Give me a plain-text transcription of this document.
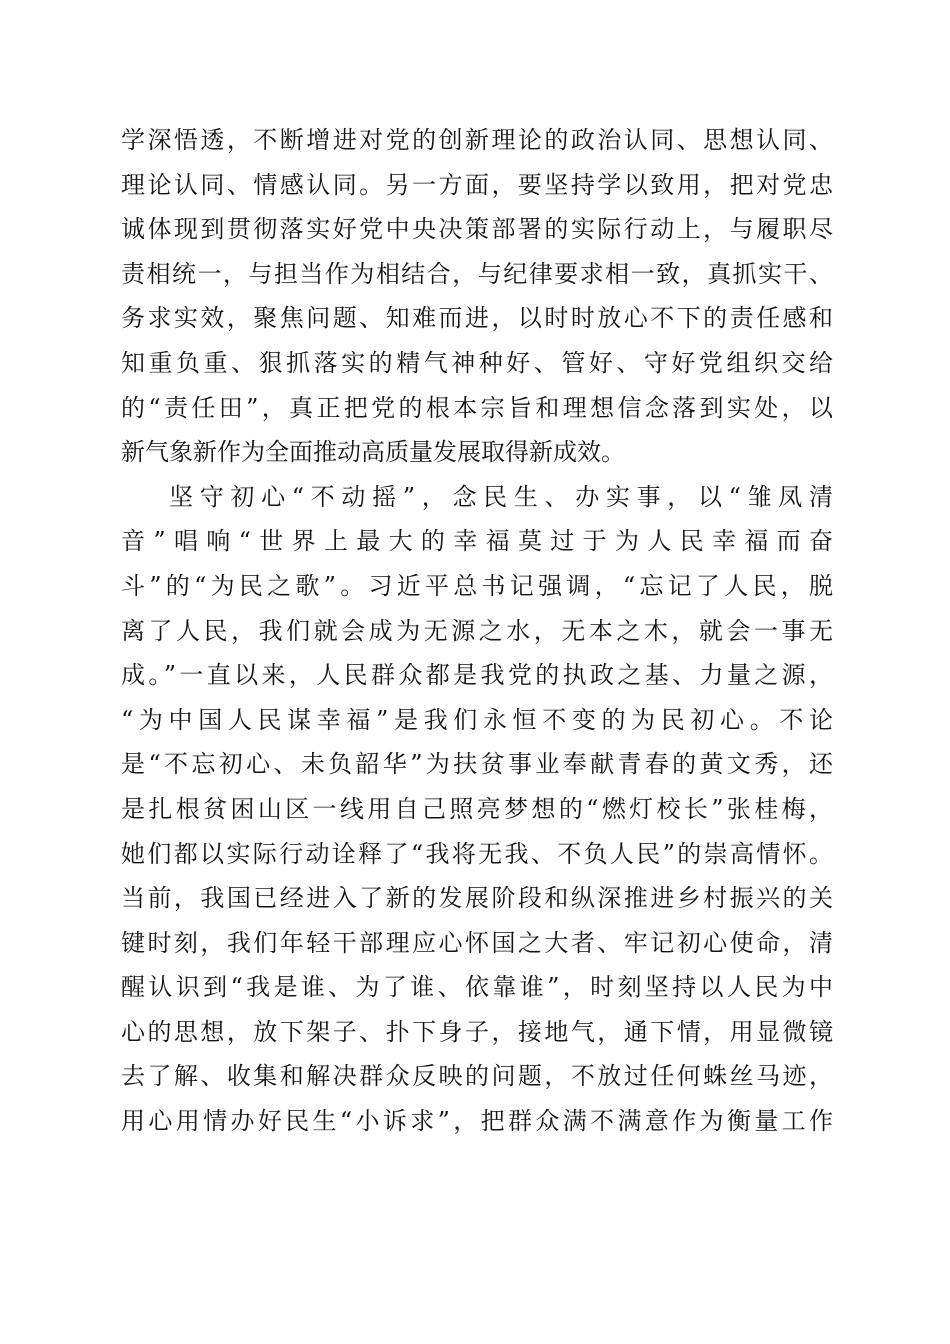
学深悟透，不断增进对党的创新理论的政治认同、思想认同、
理论认同、情感认同。另一方面，要坚持学以致用，把对党忠
诚体现到贯彻落实好党中央决策部署的实际行动上，与履职尽
责相统一，与担当作为相结合，与纪律要求相一致，真抓实干、
务求实效，聚焦问题、知难而进，以时时放心不下的责任感和
知重负重、狠抓落实的精气神种好、管好、守好党组织交给
的“责任田”，真正把党的根本宗旨和理想信念落到实处，以
新气象新作为全面推动高质量发展取得新成效。
坚守初心“不动摇”，念民生、办实事，以“雏凤清
音”唱响“世界上最大的幸福莫过于为人民幸福而奋
斗”的“为民之歌”。习近平总书记强调，“忘记了人民，脱
离了人民，我们就会成为无源之水，无本之木，就会一事无
成。”一直以来，人民群众都是我党的执政之基、力量之源，
“为中国人民谋幸福”是我们永恒不变的为民初心。不论
是“不忘初心、未负韶华”为扶贫事业奉献青春的黄文秀，还
是扎根贫困山区一线用自己照亮梦想的“燃灯校长”张桂梅，
她们都以实际行动诠释了“我将无我、不负人民”的崇高情怀。
当前，我国已经进入了新的发展阶段和纵深推进乡村振兴的关
键时刻，我们年轻干部理应心怀国之大者、牢记初心使命，清
醒认识到“我是谁、为了谁、依靠谁”，时刻坚持以人民为中
心的思想，放下架子、扑下身子，接地气，通下情，用显微镜
去了解、收集和解决群众反映的问题，不放过任何蛛丝马迹，
用心用情办好民生“小诉求”，把群众满不满意作为衡量工作
